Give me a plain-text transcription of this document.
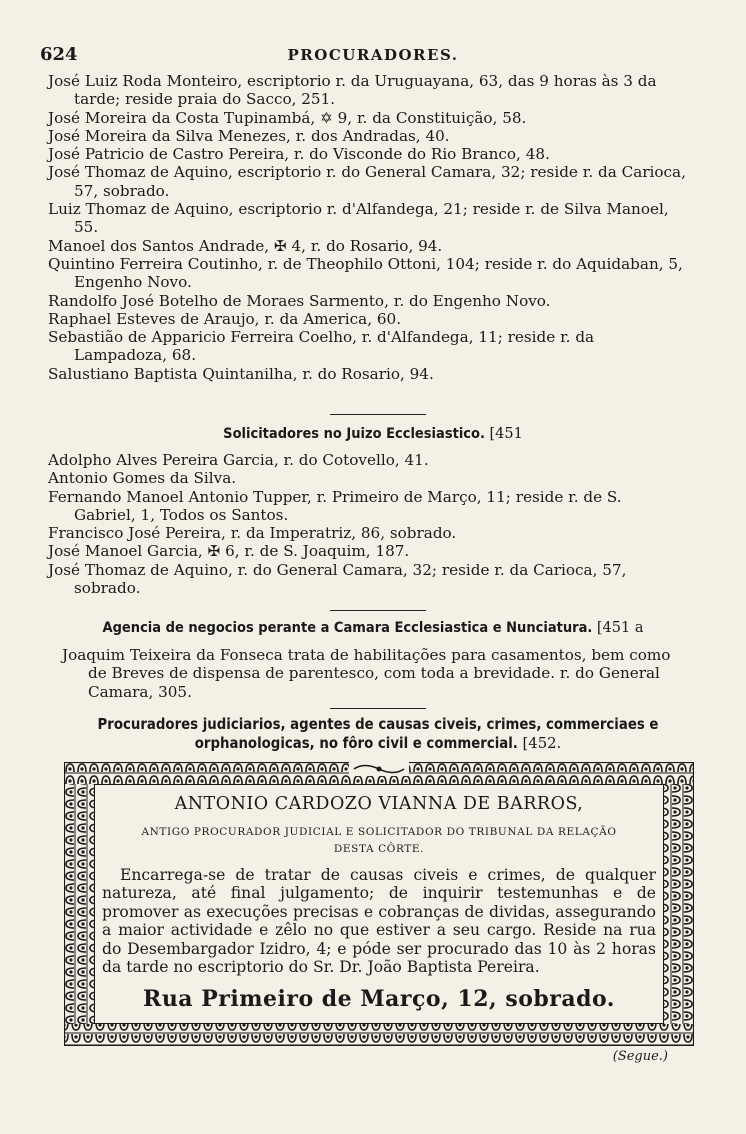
624	PROCURADORES.

José Luiz Roda Monteiro, escriptorio r. da Uruguayana, 63, das 9 horas às 3 da tarde; reside praia do Sacco, 251.

José Moreira da Costa Tupinambá, ✡ 9, r. da Constituição, 58.

José Moreira da Silva Menezes, r. dos Andradas, 40.

José Patricio de Castro Pereira, r. do Visconde do Rio Branco, 48.

José Thomaz de Aquino, escriptorio r. do General Camara, 32; reside r. da Carioca, 57, sobrado.

Luiz Thomaz de Aquino, escriptorio r. d'Alfandega, 21; reside r. de Silva Manoel, 55.

Manoel dos Santos Andrade, ✠ 4, r. do Rosario, 94.

Quintino Ferreira Coutinho, r. de Theophilo Ottoni, 104; reside r. do Aquidaban, 5, Engenho Novo.

Randolfo José Botelho de Moraes Sarmento, r. do Engenho Novo.

Raphael Esteves de Araujo, r. da America, 60.

Sebastião de Apparicio Ferreira Coelho, r. d'Alfandega, 11; reside r. da Lampadoza, 68.

Salustiano Baptista Quintanilha, r. do Rosario, 94.

Solicitadores no Juizo Ecclesiastico. [451

Adolpho Alves Pereira Garcia, r. do Cotovello, 41.

Antonio Gomes da Silva.

Fernando Manoel Antonio Tupper, r. Primeiro de Março, 11; reside r. de S. Gabriel, 1, Todos os Santos.

Francisco José Pereira, r. da Imperatriz, 86, sobrado.

José Manoel Garcia, ✠ 6, r. de S. Joaquim, 187.

José Thomaz de Aquino, r. do General Camara, 32; reside r. da Carioca, 57, sobrado.

Agencia de negocios perante a Camara Ecclesiastica e Nunciatura. [451 a

Joaquim Teixeira da Fonseca trata de habilitações para casamentos, bem como de Breves de dispensa de parentesco, com toda a brevidade. r. do General Camara, 305.

Procuradores judiciarios, agentes de causas civeis, crimes, commerciaes e
orphanologicas, no fôro civil e commercial. [452.
ANTONIO CARDOZO VIANNA DE BARROS,
ANTIGO PROCURADOR JUDICIAL E SOLICITADOR DO TRIBUNAL DA RELAÇÃO
DESTA CÔRTE.
Encarrega-se de tratar de causas civeis e crimes, de qualquer natureza, até final julgamento; de inquirir testemunhas e de promover as execuções precisas e cobranças de dividas, assegurando a maior actividade e zêlo no que estiver a seu cargo. Reside na rua do Desembargador Izidro, 4; e póde ser procurado das 10 às 2 horas da tarde no escriptorio do Sr. Dr. João Baptista Pereira.
Rua Primeiro de Março, 12, sobrado.
(Segue.)
